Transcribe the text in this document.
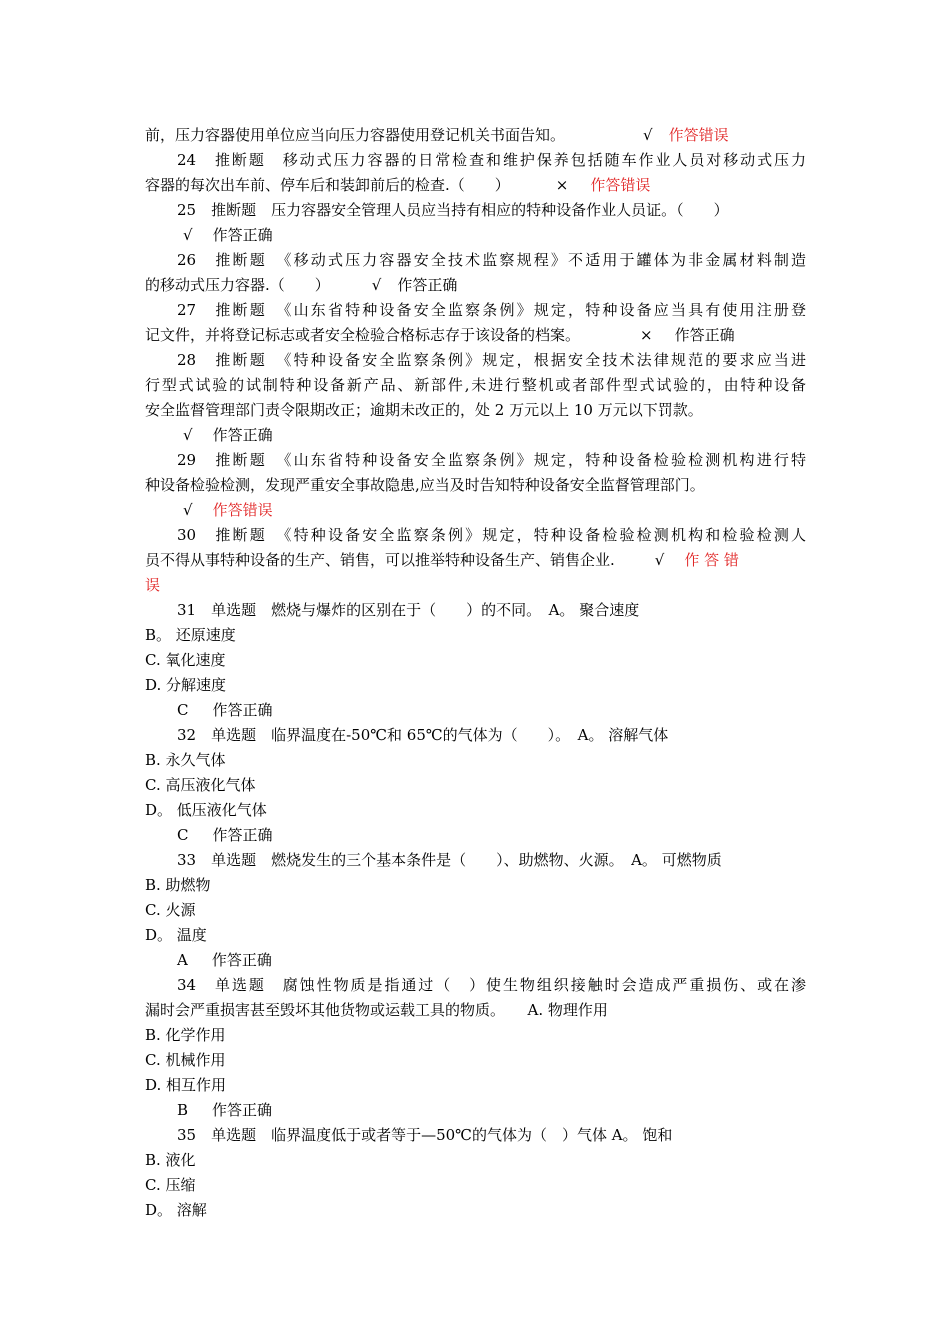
前，压力容器使用单位应当向压力容器使用登记机关书面告知。	√ 作答错误
24　推断题　移动式压力容器的日常检查和维护保养包括随车作业人员对移动式压力
容器的每次出车前、停车后和装卸前后的检查.（　　）	× 作答错误
25　推断题　压力容器安全管理人员应当持有相应的特种设备作业人员证。（　　）
√ 作答正确
26　推断题　《移动式压力容器安全技术监察规程》不适用于罐体为非金属材料制造
的移动式压力容器.（　　）	√ 作答正确
27　推断题　《山东省特种设备安全监察条例》规定，特种设备应当具有使用注册登
记文件，并将登记标志或者安全检验合格标志存于该设备的档案。	× 作答正确
28　推断题　《特种设备安全监察条例》规定，根据安全技术法律规范的要求应当进
行型式试验的试制特种设备新产品、新部件,未进行整机或者部件型式试验的，由特种设备
安全监督管理部门责令限期改正；逾期未改正的，处 2 万元以上 10 万元以下罚款。
√ 作答正确
29　推断题　《山东省特种设备安全监察条例》规定，特种设备检验检测机构进行特
种设备检验检测，发现严重安全事故隐患,应当及时告知特种设备安全监督管理部门。
√ 作答错误
30　推断题　《特种设备安全监察条例》规定，特种设备检验检测机构和检验检测人
员不得从事特种设备的生产、销售，可以推举特种设备生产、销售企业.	√ 作 答 错
误
31　单选题　燃烧与爆炸的区别在于（　　）的不同。　A。 聚合速度
B。 还原速度
C. 氧化速度
D. 分解速度
C 作答正确
32　单选题　临界温度在-50℃和 65℃的气体为（　　）。　A。 溶解气体
B. 永久气体
C. 高压液化气体
D。 低压液化气体
C 作答正确
33　单选题　燃烧发生的三个基本条件是（　　）、助燃物、火源。　A。 可燃物质
B. 助燃物
C. 火源
D。 温度
A 作答正确
34　单选题　腐蚀性物质是指通过（　）使生物组织接触时会造成严重损伤、或在渗
漏时会严重损害甚至毁坏其他货物或运载工具的物质。　　A. 物理作用
B. 化学作用
C. 机械作用
D. 相互作用
B 作答正确
35　单选题　临界温度低于或者等于—50℃的气体为（　）气体 A。 饱和
B. 液化
C. 压缩
D。 溶解
